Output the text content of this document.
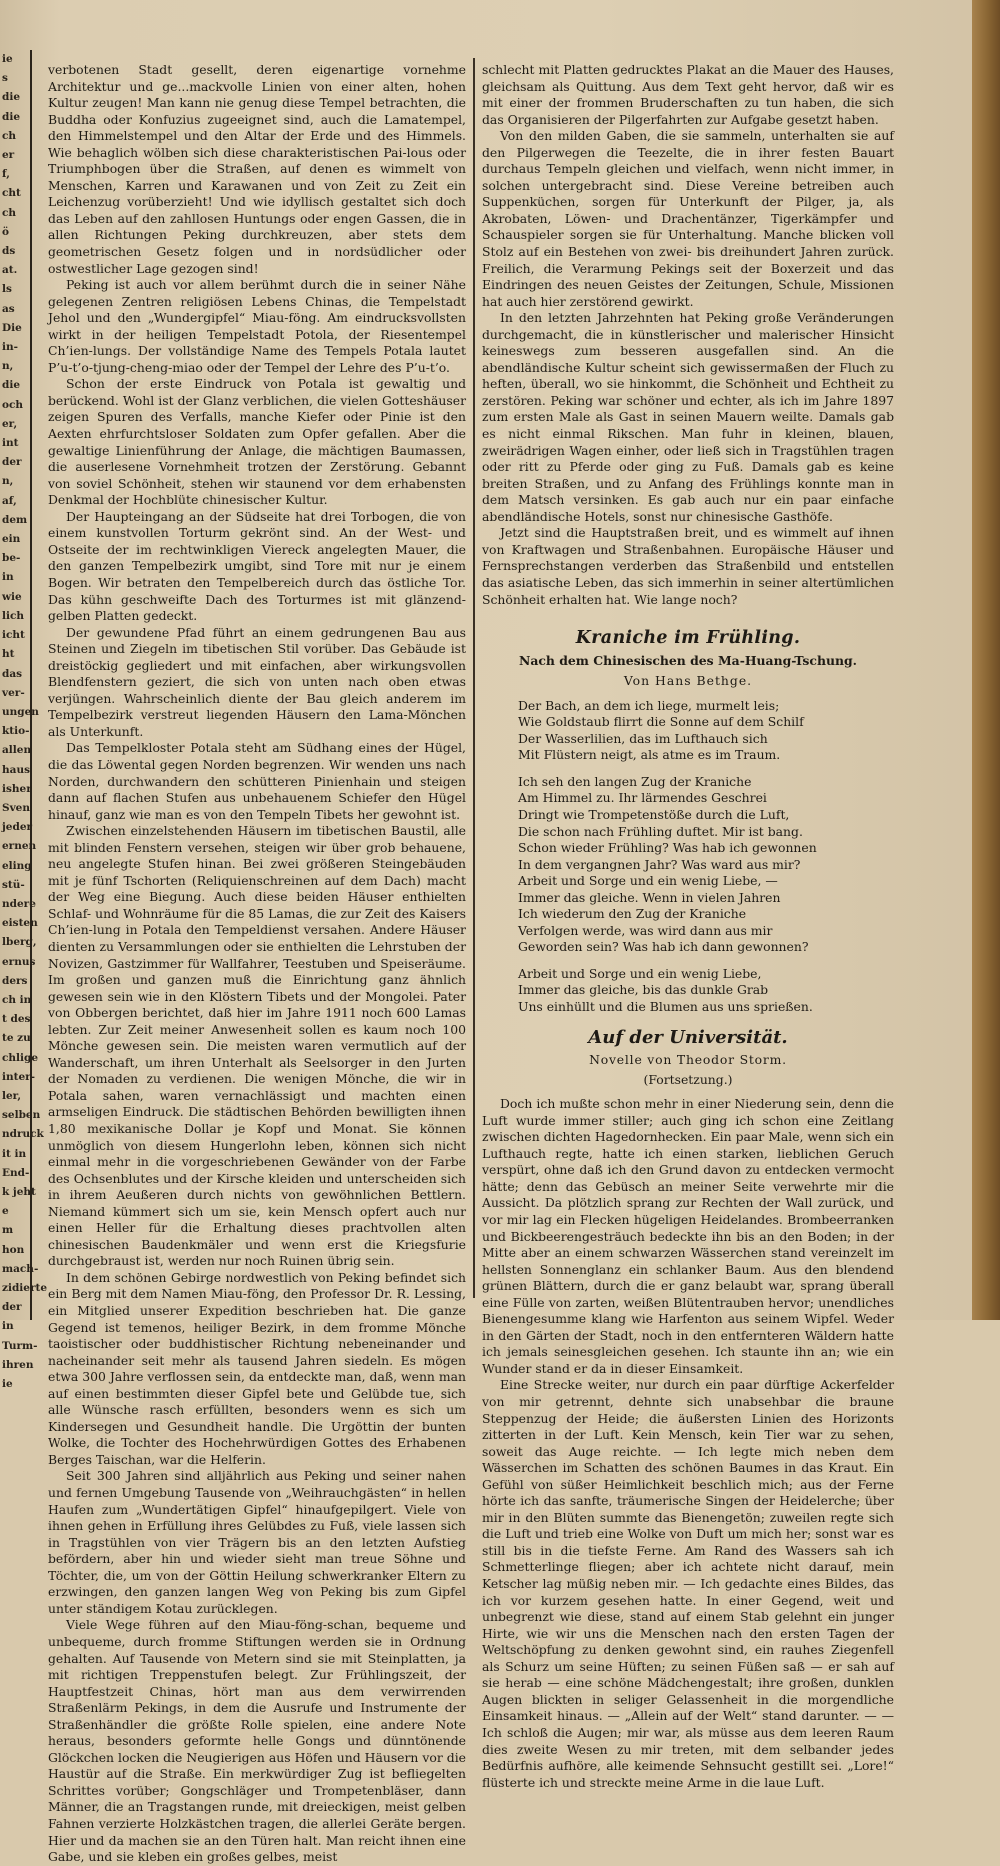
ie

s

die

die

ch

er

f,

cht

ch

ö

ds

at.

ls

as

Die

in-

n,

die

och

er,

int

der

n,

af,

dem

ein

be-

in

wie

lich

icht

ht

das

ver-

ungen

ktio-

allen

haus

isher

Sven

jeder

ernen

eling

stü-

ndere

eisten

lberg,

ernus

ders

ch in

t des

te zu

chlige

inter-

ler,

selben

ndruck

it in

End-

k jeht

e

m

hon

mach-

zidierte

der

in

Turm-

ihren

ie

verbotenen Stadt gesellt, deren eigenartige vornehme Architektur und ge...mackvolle Linien von einer alten, hohen Kultur zeugen! Man kann nie genug diese Tempel betrachten, die Buddha oder Konfuzius zugeeignet sind, auch die Lamatempel, den Himmelstempel und den Altar der Erde und des Himmels. Wie behaglich wölben sich diese charakteristischen Pai-lous oder Triumphbogen über die Straßen, auf denen es wimmelt von Menschen, Karren und Karawanen und von Zeit zu Zeit ein Leichenzug vorüberzieht! Und wie idyllisch gestaltet sich doch das Leben auf den zahllosen Huntungs oder engen Gassen, die in allen Richtungen Peking durchkreuzen, aber stets dem geometrischen Gesetz folgen und in nordsüdlicher oder ostwestlicher Lage gezogen sind!

Peking ist auch vor allem berühmt durch die in seiner Nähe gelegenen Zentren religiösen Lebens Chinas, die Tempelstadt Jehol und den „Wundergipfel“ Miau-föng. Am eindrucksvollsten wirkt in der heiligen Tempelstadt Potola, der Riesentempel Ch’ien-lungs. Der vollständige Name des Tempels Potala lautet P’u-t’o-tjung-cheng-miao oder der Tempel der Lehre des P’u-t’o.

Schon der erste Eindruck von Potala ist gewaltig und berückend. Wohl ist der Glanz verblichen, die vielen Gotteshäuser zeigen Spuren des Verfalls, manche Kiefer oder Pinie ist den Aexten ehrfurchtsloser Soldaten zum Opfer gefallen. Aber die gewaltige Linienführung der Anlage, die mächtigen Baumassen, die auserlesene Vornehmheit trotzen der Zerstörung. Gebannt von soviel Schönheit, stehen wir staunend vor dem erhabensten Denkmal der Hochblüte chinesischer Kultur.

Der Haupteingang an der Südseite hat drei Torbogen, die von einem kunstvollen Torturm gekrönt sind. An der West- und Ostseite der im rechtwinkligen Viereck angelegten Mauer, die den ganzen Tempelbezirk umgibt, sind Tore mit nur je einem Bogen. Wir betraten den Tempelbereich durch das östliche Tor. Das kühn geschweifte Dach des Torturmes ist mit glänzend-gelben Platten gedeckt.

Der gewundene Pfad führt an einem gedrungenen Bau aus Steinen und Ziegeln im tibetischen Stil vorüber. Das Gebäude ist dreistöckig gegliedert und mit einfachen, aber wirkungsvollen Blendfenstern geziert, die sich von unten nach oben etwas verjüngen. Wahrscheinlich diente der Bau gleich anderem im Tempelbezirk verstreut liegenden Häusern den Lama-Mönchen als Unterkunft.

Das Tempelkloster Potala steht am Südhang eines der Hügel, die das Löwental gegen Norden begrenzen. Wir wenden uns nach Norden, durchwandern den schütteren Pinienhain und steigen dann auf flachen Stufen aus unbehauenem Schiefer den Hügel hinauf, ganz wie man es von den Tempeln Tibets her gewohnt ist.

Zwischen einzelstehenden Häusern im tibetischen Baustil, alle mit blinden Fenstern versehen, steigen wir über grob behauene, neu angelegte Stufen hinan. Bei zwei größeren Steingebäuden mit je fünf Tschorten (Reliquienschreinen auf dem Dach) macht der Weg eine Biegung. Auch diese beiden Häuser enthielten Schlaf- und Wohnräume für die 85 Lamas, die zur Zeit des Kaisers Ch’ien-lung in Potala den Tempeldienst versahen. Andere Häuser dienten zu Versammlungen oder sie enthielten die Lehrstuben der Novizen, Gastzimmer für Wallfahrer, Teestuben und Speiseräume. Im großen und ganzen muß die Einrichtung ganz ähnlich gewesen sein wie in den Klöstern Tibets und der Mongolei. Pater von Obbergen berichtet, daß hier im Jahre 1911 noch 600 Lamas lebten. Zur Zeit meiner Anwesenheit sollen es kaum noch 100 Mönche gewesen sein. Die meisten waren vermutlich auf der Wanderschaft, um ihren Unterhalt als Seelsorger in den Jurten der Nomaden zu verdienen. Die wenigen Mönche, die wir in Potala sahen, waren vernachlässigt und machten einen armseligen Eindruck. Die städtischen Behörden bewilligten ihnen 1,80 mexikanische Dollar je Kopf und Monat. Sie können unmöglich von diesem Hungerlohn leben, können sich nicht einmal mehr in die vorgeschriebenen Gewänder von der Farbe des Ochsenblutes und der Kirsche kleiden und unterscheiden sich in ihrem Aeußeren durch nichts von gewöhnlichen Bettlern. Niemand kümmert sich um sie, kein Mensch opfert auch nur einen Heller für die Erhaltung dieses prachtvollen alten chinesischen Baudenkmäler und wenn erst die Kriegsfurie durchgebraust ist, werden nur noch Ruinen übrig sein.

In dem schönen Gebirge nordwestlich von Peking befindet sich ein Berg mit dem Namen Miau-föng, den Professor Dr. R. Lessing, ein Mitglied unserer Expedition beschrieben hat. Die ganze Gegend ist temenos, heiliger Bezirk, in dem fromme Mönche taoistischer oder buddhistischer Richtung nebeneinander und nacheinander seit mehr als tausend Jahren siedeln. Es mögen etwa 300 Jahre verflossen sein, da entdeckte man, daß, wenn man auf einen bestimmten dieser Gipfel bete und Gelübde tue, sich alle Wünsche rasch erfüllten, besonders wenn es sich um Kindersegen und Gesundheit handle. Die Urgöttin der bunten Wolke, die Tochter des Hochehrwürdigen Gottes des Erhabenen Berges Taischan, war die Helferin.

Seit 300 Jahren sind alljährlich aus Peking und seiner nahen und fernen Umgebung Tausende von „Weihrauchgästen“ in hellen Haufen zum „Wundertätigen Gipfel“ hinaufgepilgert. Viele von ihnen gehen in Erfüllung ihres Gelübdes zu Fuß, viele lassen sich in Tragstühlen von vier Trägern bis an den letzten Aufstieg befördern, aber hin und wieder sieht man treue Söhne und Töchter, die, um von der Göttin Heilung schwerkranker Eltern zu erzwingen, den ganzen langen Weg von Peking bis zum Gipfel unter ständigem Kotau zurücklegen.

Viele Wege führen auf den Miau-föng-schan, bequeme und unbequeme, durch fromme Stiftungen werden sie in Ordnung gehalten. Auf Tausende von Metern sind sie mit Steinplatten, ja mit richtigen Treppenstufen belegt. Zur Frühlingszeit, der Hauptfestzeit Chinas, hört man aus dem verwirrenden Straßenlärm Pekings, in dem die Ausrufe und Instrumente der Straßenhändler die größte Rolle spielen, eine andere Note heraus, besonders geformte helle Gongs und dünntönende Glöckchen locken die Neugierigen aus Höfen und Häusern vor die Haustür auf die Straße. Ein merkwürdiger Zug ist befliegelten Schrittes vorüber; Gongschläger und Trompetenbläser, dann Männer, die an Tragstangen runde, mit dreieckigen, meist gelben Fahnen verzierte Holzkästchen tragen, die allerlei Geräte bergen. Hier und da machen sie an den Türen halt. Man reicht ihnen eine Gabe, und sie kleben ein großes gelbes, meist

schlecht mit Platten gedrucktes Plakat an die Mauer des Hauses, gleichsam als Quittung. Aus dem Text geht hervor, daß wir es mit einer der frommen Bruderschaften zu tun haben, die sich das Organisieren der Pilgerfahrten zur Aufgabe gesetzt haben.

Von den milden Gaben, die sie sammeln, unterhalten sie auf den Pilgerwegen die Teezelte, die in ihrer festen Bauart durchaus Tempeln gleichen und vielfach, wenn nicht immer, in solchen untergebracht sind. Diese Vereine betreiben auch Suppenküchen, sorgen für Unterkunft der Pilger, ja, als Akrobaten, Löwen- und Drachentänzer, Tigerkämpfer und Schauspieler sorgen sie für Unterhaltung. Manche blicken voll Stolz auf ein Bestehen von zwei- bis dreihundert Jahren zurück. Freilich, die Verarmung Pekings seit der Boxerzeit und das Eindringen des neuen Geistes der Zeitungen, Schule, Missionen hat auch hier zerstörend gewirkt.

In den letzten Jahrzehnten hat Peking große Veränderungen durchgemacht, die in künstlerischer und malerischer Hinsicht keineswegs zum besseren ausgefallen sind. An die abendländische Kultur scheint sich gewissermaßen der Fluch zu heften, überall, wo sie hinkommt, die Schönheit und Echtheit zu zerstören. Peking war schöner und echter, als ich im Jahre 1897 zum ersten Male als Gast in seinen Mauern weilte. Damals gab es nicht einmal Rikschen. Man fuhr in kleinen, blauen, zweirädrigen Wagen einher, oder ließ sich in Tragstühlen tragen oder ritt zu Pferde oder ging zu Fuß. Damals gab es keine breiten Straßen, und zu Anfang des Frühlings konnte man in dem Matsch versinken. Es gab auch nur ein paar einfache abendländische Hotels, sonst nur chinesische Gasthöfe.

Jetzt sind die Hauptstraßen breit, und es wimmelt auf ihnen von Kraftwagen und Straßenbahnen. Europäische Häuser und Fernsprechstangen verderben das Straßenbild und entstellen das asiatische Leben, das sich immerhin in seiner altertümlichen Schönheit erhalten hat. Wie lange noch?

Kraniche im Frühling.
Nach dem Chinesischen des Ma-Huang-Tschung.
Von Hans Bethge.
Der Bach, an dem ich liege, murmelt leis;
Wie Goldstaub flirrt die Sonne auf dem Schilf
Der Wasserlilien, das im Lufthauch sich
Mit Flüstern neigt, als atme es im Traum.
Ich seh den langen Zug der Kraniche
Am Himmel zu. Ihr lärmendes Geschrei
Dringt wie Trompetenstöße durch die Luft,
Die schon nach Frühling duftet. Mir ist bang.
Schon wieder Frühling? Was hab ich gewonnen
In dem vergangnen Jahr? Was ward aus mir?
Arbeit und Sorge und ein wenig Liebe, —
Immer das gleiche. Wenn in vielen Jahren
Ich wiederum den Zug der Kraniche
Verfolgen werde, was wird dann aus mir
Geworden sein? Was hab ich dann gewonnen?
Arbeit und Sorge und ein wenig Liebe,
Immer das gleiche, bis das dunkle Grab
Uns einhüllt und die Blumen aus uns sprießen.
Auf der Universität.
Novelle von Theodor Storm.
(Fortsetzung.)

Doch ich mußte schon mehr in einer Niederung sein, denn die Luft wurde immer stiller; auch ging ich schon eine Zeitlang zwischen dichten Hagedornhecken. Ein paar Male, wenn sich ein Lufthauch regte, hatte ich einen starken, lieblichen Geruch verspürt, ohne daß ich den Grund davon zu entdecken vermocht hätte; denn das Gebüsch an meiner Seite verwehrte mir die Aussicht. Da plötzlich sprang zur Rechten der Wall zurück, und vor mir lag ein Flecken hügeligen Heidelandes. Brombeerranken und Bickbeerengesträuch bedeckte ihn bis an den Boden; in der Mitte aber an einem schwarzen Wässerchen stand vereinzelt im hellsten Sonnenglanz ein schlanker Baum. Aus den blendend grünen Blättern, durch die er ganz belaubt war, sprang überall eine Fülle von zarten, weißen Blütentrauben hervor; unendliches Bienengesumme klang wie Harfenton aus seinem Wipfel. Weder in den Gärten der Stadt, noch in den entfernteren Wäldern hatte ich jemals seinesgleichen gesehen. Ich staunte ihn an; wie ein Wunder stand er da in dieser Einsamkeit.

Eine Strecke weiter, nur durch ein paar dürftige Ackerfelder von mir getrennt, dehnte sich unabsehbar die braune Steppenzug der Heide; die äußersten Linien des Horizonts zitterten in der Luft. Kein Mensch, kein Tier war zu sehen, soweit das Auge reichte. — Ich legte mich neben dem Wässerchen im Schatten des schönen Baumes in das Kraut. Ein Gefühl von süßer Heimlichkeit beschlich mich; aus der Ferne hörte ich das sanfte, träumerische Singen der Heidelerche; über mir in den Blüten summte das Bienengetön; zuweilen regte sich die Luft und trieb eine Wolke von Duft um mich her; sonst war es still bis in die tiefste Ferne. Am Rand des Wassers sah ich Schmetterlinge fliegen; aber ich achtete nicht darauf, mein Ketscher lag müßig neben mir. — Ich gedachte eines Bildes, das ich vor kurzem gesehen hatte. In einer Gegend, weit und unbegrenzt wie diese, stand auf einem Stab gelehnt ein junger Hirte, wie wir uns die Menschen nach den ersten Tagen der Weltschöpfung zu denken gewohnt sind, ein rauhes Ziegenfell als Schurz um seine Hüften; zu seinen Füßen saß — er sah auf sie herab — eine schöne Mädchengestalt; ihre großen, dunklen Augen blickten in seliger Gelassenheit in die morgendliche Einsamkeit hinaus. — „Allein auf der Welt“ stand darunter. — — Ich schloß die Augen; mir war, als müsse aus dem leeren Raum dies zweite Wesen zu mir treten, mit dem selbander jedes Bedürfnis aufhöre, alle keimende Sehnsucht gestillt sei. „Lore!“ flüsterte ich und streckte meine Arme in die laue Luft.
